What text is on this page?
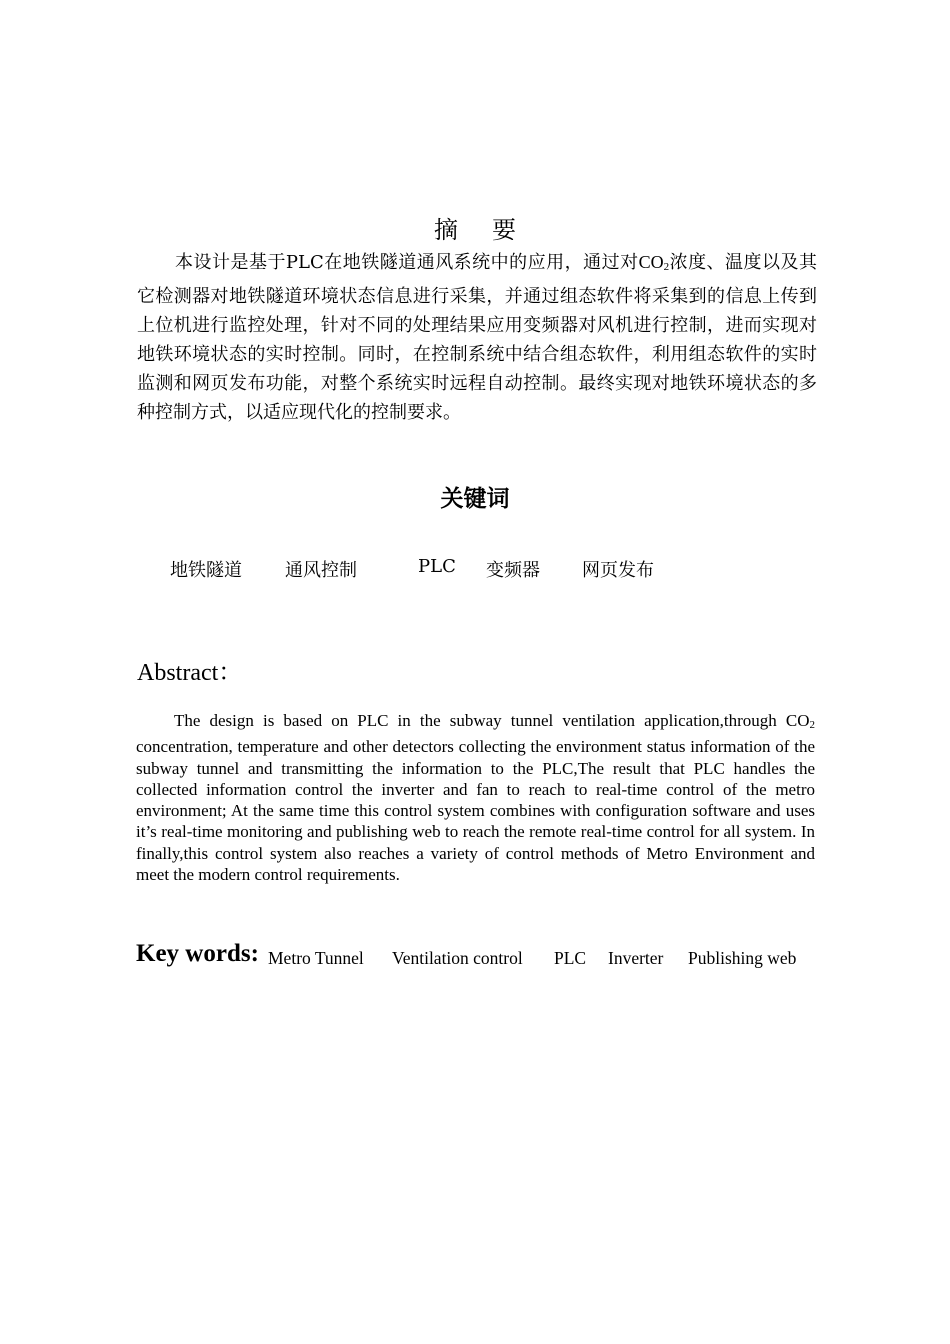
摘要

本设计是基于PLC在地铁隧道通风系统中的应用，通过对CO2浓度、温度以及其它检测器对地铁隧道环境状态信息进行采集，并通过组态软件将采集到的信息上传到上位机进行监控处理，针对不同的处理结果应用变频器对风机进行控制，进而实现对地铁环境状态的实时控制。同时，在控制系统中结合组态软件，利用组态软件的实时监测和网页发布功能，对整个系统实时远程自动控制。最终实现对地铁环境状态的多种控制方式，以适应现代化的控制要求。

关键词
地铁隧道 通风控制	PLC 变频器 网页发布
Abstract：

The design is based on PLC in the subway tunnel ventilation application,through CO2 concentration, temperature and other detectors collecting the environment status information of the subway tunnel and transmitting the information to the PLC,The result that PLC handles the collected information control the inverter and fan to reach to real-time control of the metro environment; At the same time this control system combines with configuration software and uses it’s real-time monitoring and publishing web to reach the remote real-time control for all system. In finally,this control system also reaches a variety of control methods of Metro Environment and meet the modern control requirements.

Key words: Metro Tunnel Ventilation control PLC Inverter Publishing web
